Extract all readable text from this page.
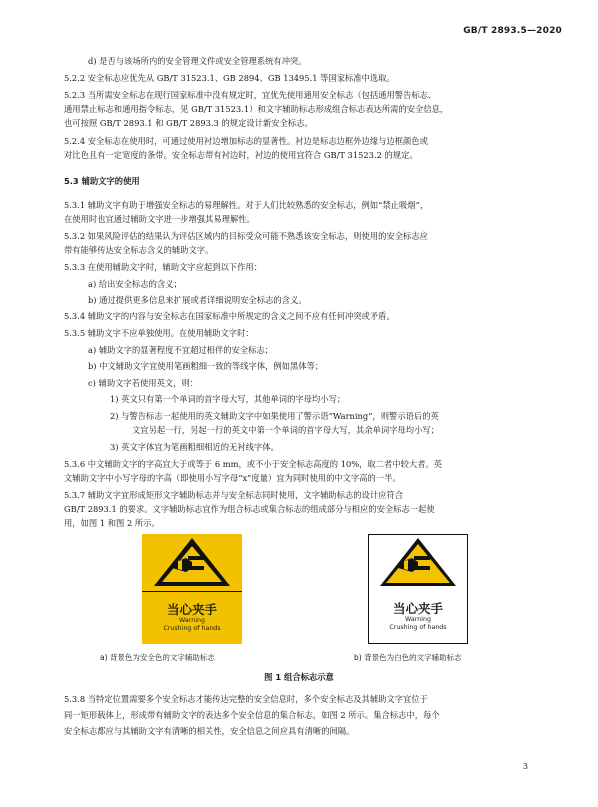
GB/T 2893.5—2020
d) 是否与该场所内的安全管理文件或安全管理系统有冲突。
5.2.2 安全标志应优先从 GB/T 31523.1、GB 2894、GB 13495.1 等国家标准中选取。
5.2.3 当所需安全标志在现行国家标准中没有规定时，宜优先使用通用安全标志（包括通用警告标志、
通用禁止标志和通用指令标志，见 GB/T 31523.1）和文字辅助标志形成组合标志表达所需的安全信息，
也可按照 GB/T 2893.1 和 GB/T 2893.3 的规定设计新安全标志。
5.2.4 安全标志在使用时，可通过使用衬边增加标志的显著性。衬边是标志边框外边缘与边框颜色或
对比色且有一定宽度的条带。安全标志带有衬边时，衬边的使用宜符合 GB/T 31523.2 的规定。
5.3 辅助文字的使用
5.3.1 辅助文字有助于增强安全标志的易理解性。对于人们比较熟悉的安全标志，例如“禁止吸烟”，
在使用时也宜通过辅助文字进一步增强其易理解性。
5.3.2 如果风险评估的结果认为评估区域内的目标受众可能不熟悉该安全标志，则使用的安全标志应
带有能够传达安全标志含义的辅助文字。
5.3.3 在使用辅助文字时，辅助文字应起到以下作用：
a) 给出安全标志的含义；
b) 通过提供更多信息来扩展或者详细说明安全标志的含义。
5.3.4 辅助文字的内容与安全标志在国家标准中所规定的含义之间不应有任何冲突或矛盾。
5.3.5 辅助文字不应单独使用。在使用辅助文字时：
a) 辅助文字的显著程度不宜超过相伴的安全标志；
b) 中文辅助文字宜使用笔画粗细一致的等线字体，例如黑体等；
c) 辅助文字若使用英文，则：
1) 英文只有第一个单词的首字母大写，其他单词的字母均小写；
2) 与警告标志一起使用的英文辅助文字中如果使用了警示语“Warning”，则警示语后的英
文宜另起一行，另起一行的英文中第一个单词的首字母大写，其余单词字母均小写；
3) 英文字体宜为笔画粗细相近的无衬线字体。
5.3.6 中文辅助文字的字高宜大于或等于 6 mm，或不小于安全标志高度的 10%，取二者中较大者。英
文辅助文字中小写字母的字高（即使用小写字母“x”度量）宜为同时使用的中文字高的一半。
5.3.7 辅助文字宜形成矩形文字辅助标志并与安全标志同时使用，文字辅助标志的设计应符合
GB/T 2893.1 的要求。文字辅助标志宜作为组合标志或集合标志的组成部分与相应的安全标志一起使
用，如图 1 和图 2 所示。
当心夹手
Warning
Crushing of hands
当心夹手
Warning
Crushing of hands
a) 背景色为安全色的文字辅助标志	b) 背景色为白色的文字辅助标志
图 1 组合标志示意
5.3.8 当特定位置需要多个安全标志才能传达完整的安全信息时，多个安全标志及其辅助文字宜位于
同一矩形载体上，形成带有辅助文字的表达多个安全信息的集合标志，如图 2 所示。集合标志中，每个
安全标志都应与其辅助文字有清晰的相关性，安全信息之间应具有清晰的间隔。
3
